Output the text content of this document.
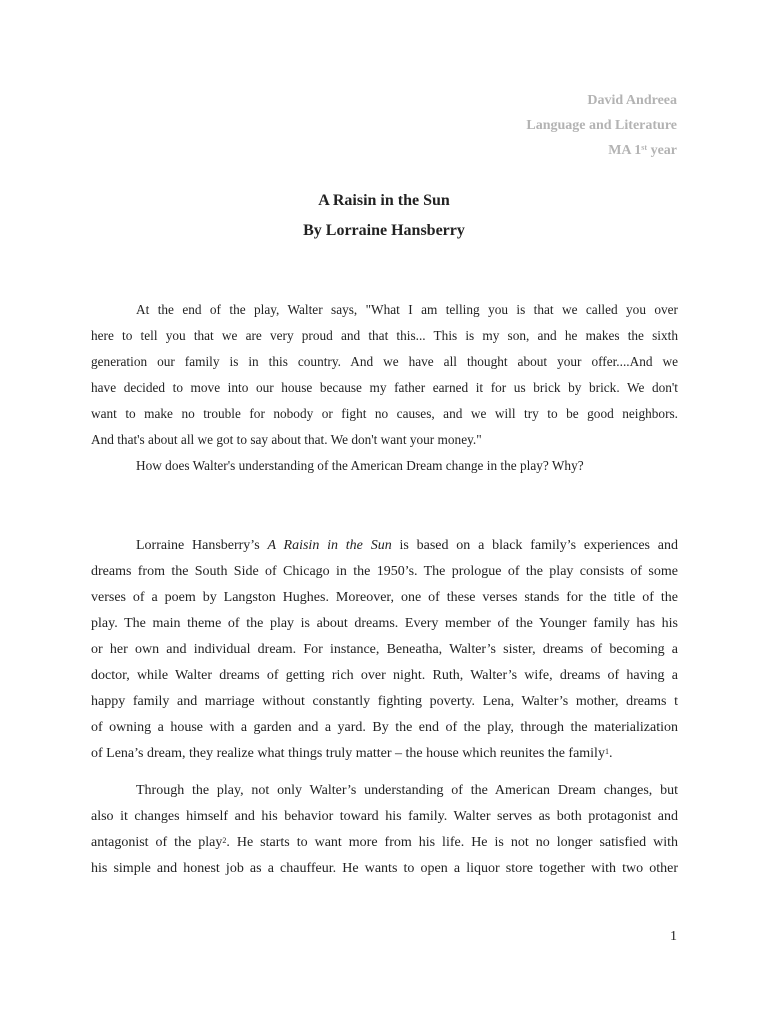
David Andreea
Language and Literature
MA 1st year
A Raisin in the Sun
By Lorraine Hansberry
At the end of the play, Walter says, "What I am telling you is that we called you over
here to tell you that we are very proud and that this... This is my son, and he makes the sixth
generation our family is in this country. And we have all thought about your offer....And we
have decided to move into our house because my father earned it for us brick by brick. We don't
want to make no trouble for nobody or fight no causes, and we will try to be good neighbors.
And that's about all we got to say about that. We don't want your money."
How does Walter's understanding of the American Dream change in the play? Why?
Lorraine Hansberry’s A Raisin in the Sun is based on a black family’s experiences and
dreams from the South Side of Chicago in the 1950’s. The prologue of the play consists of some
verses of a poem by Langston Hughes. Moreover, one of these verses stands for the title of the
play. The main theme of the play is about dreams. Every member of the Younger family has his
or her own and individual dream. For instance, Beneatha, Walter’s sister, dreams of becoming a
doctor, while Walter dreams of getting rich over night. Ruth, Walter’s wife, dreams of having a
happy family and marriage without constantly fighting poverty. Lena, Walter’s mother, dreams t
of owning a house with a garden and a yard. By the end of the play, through the materialization
of Lena’s dream, they realize what things truly matter – the house which reunites the family$^1$.
Through the play, not only Walter’s understanding of the American Dream changes, but
also it changes himself and his behavior toward his family. Walter serves as both protagonist and
antagonist of the play$^2$. He starts to want more from his life. He is not no longer satisfied with
his simple and honest job as a chauffeur. He wants to open a liquor store together with two other
1
